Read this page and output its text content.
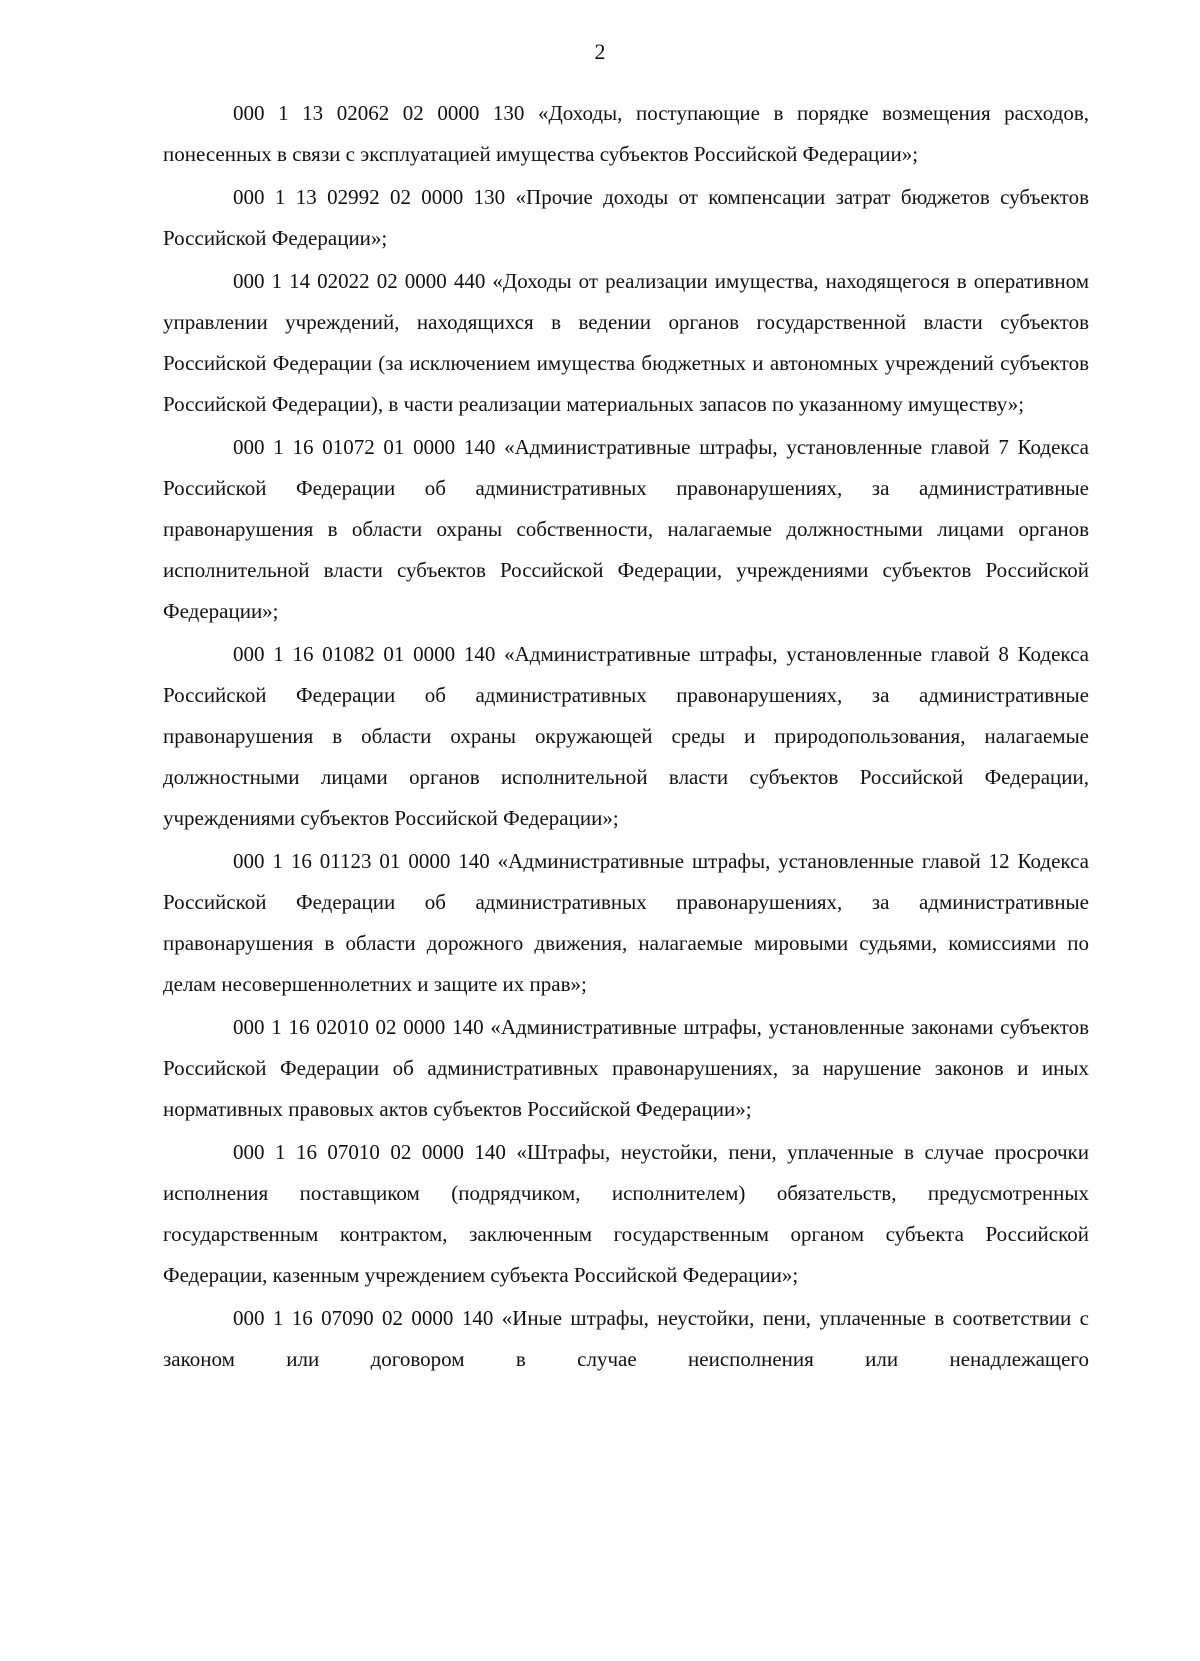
2

000 1 13 02062 02 0000 130 «Доходы, поступающие в порядке возмещения расходов, понесенных в связи с эксплуатацией имущества субъектов Российской Федерации»;

000 1 13 02992 02 0000 130 «Прочие доходы от компенсации затрат бюджетов субъектов Российской Федерации»;

000 1 14 02022 02 0000 440 «Доходы от реализации имущества, находящегося в оперативном управлении учреждений, находящихся в ведении органов государственной власти субъектов Российской Федерации (за исключением имущества бюджетных и автономных учреждений субъектов Российской Федерации), в части реализации материальных запасов по указанному имуществу»;

000 1 16 01072 01 0000 140 «Административные штрафы, установленные главой 7 Кодекса Российской Федерации об административных правонарушениях, за административные правонарушения в области охраны собственности, налагаемые должностными лицами органов исполнительной власти субъектов Российской Федерации, учреждениями субъектов Российской Федерации»;

000 1 16 01082 01 0000 140 «Административные штрафы, установленные главой 8 Кодекса Российской Федерации об административных правонарушениях, за административные правонарушения в области охраны окружающей среды и природопользования, налагаемые должностными лицами органов исполнительной власти субъектов Российской Федерации, учреждениями субъектов Российской Федерации»;

000 1 16 01123 01 0000 140 «Административные штрафы, установленные главой 12 Кодекса Российской Федерации об административных правонарушениях, за административные правонарушения в области дорожного движения, налагаемые мировыми судьями, комиссиями по делам несовершеннолетних и защите их прав»;

000 1 16 02010 02 0000 140 «Административные штрафы, установленные законами субъектов Российской Федерации об административных правонарушениях, за нарушение законов и иных нормативных правовых актов субъектов Российской Федерации»;

000 1 16 07010 02 0000 140 «Штрафы, неустойки, пени, уплаченные в случае просрочки исполнения поставщиком (подрядчиком, исполнителем) обязательств, предусмотренных государственным контрактом, заключенным государственным органом субъекта Российской Федерации, казенным учреждением субъекта Российской Федерации»;

000 1 16 07090 02 0000 140 «Иные штрафы, неустойки, пени, уплаченные в соответствии с законом или договором в случае неисполнения или ненадлежащего
